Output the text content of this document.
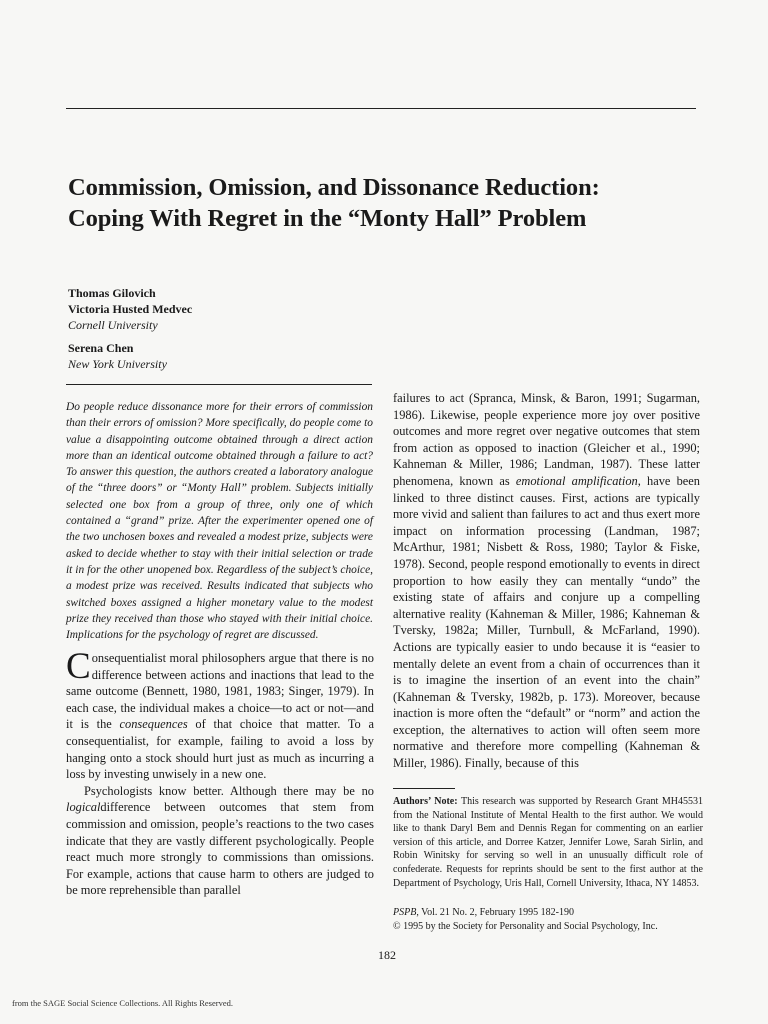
Commission, Omission, and Dissonance Reduction:
Coping With Regret in the “Monty Hall” Problem
Thomas Gilovich
Victoria Husted Medvec
Cornell University
Serena Chen
New York University

Do people reduce dissonance more for their errors of commission than their errors of omission? More specifically, do people come to value a disappointing outcome obtained through a direct action more than an identical outcome obtained through a failure to act? To answer this question, the authors created a laboratory analogue of the “three doors” or “Monty Hall” problem. Subjects initially selected one box from a group of three, only one of which contained a “grand” prize. After the experimenter opened one of the two unchosen boxes and revealed a modest prize, subjects were asked to decide whether to stay with their initial selection or trade it in for the other unopened box. Regardless of the subject’s choice, a modest prize was received. Results indicated that subjects who switched boxes assigned a higher monetary value to the modest prize they received than those who stayed with their initial choice. Implications for the psychology of regret are discussed.

Consequentialist moral philosophers argue that there is no difference between actions and inactions that lead to the same outcome (Bennett, 1980, 1981, 1983; Singer, 1979). In each case, the individual makes a choice—to act or not—and it is the consequences of that choice that matter. To a consequentialist, for example, failing to avoid a loss by hanging onto a stock should hurt just as much as incurring a loss by investing unwisely in a new one.

Psychologists know better. Although there may be no logicaldifference between outcomes that stem from commission and omission, people’s reactions to the two cases indicate that they are vastly different psychologically. People react much more strongly to commissions than omissions. For example, actions that cause harm to others are judged to be more reprehensible than parallel

failures to act (Spranca, Minsk, & Baron, 1991; Sugarman, 1986). Likewise, people experience more joy over positive outcomes and more regret over negative outcomes that stem from action as opposed to inaction (Gleicher et al., 1990; Kahneman & Miller, 1986; Landman, 1987). These latter phenomena, known as emotional amplification, have been linked to three distinct causes. First, actions are typically more vivid and salient than failures to act and thus exert more impact on information processing (Landman, 1987; McArthur, 1981; Nisbett & Ross, 1980; Taylor & Fiske, 1978). Second, people respond emotionally to events in direct proportion to how easily they can mentally “undo” the existing state of affairs and conjure up a compelling alternative reality (Kahneman & Miller, 1986; Kahneman & Tversky, 1982a; Miller, Turnbull, & McFarland, 1990). Actions are typically easier to undo because it is “easier to mentally delete an event from a chain of occurrences than it is to imagine the insertion of an event into the chain” (Kahneman & Tversky, 1982b, p. 173). Moreover, because inaction is more often the “default” or “norm” and action the exception, the alternatives to action will often seem more normative and therefore more compelling (Kahneman & Miller, 1986). Finally, because of this

Authors’ Note: This research was supported by Research Grant MH45531 from the National Institute of Mental Health to the first author. We would like to thank Daryl Bem and Dennis Regan for commenting on an earlier version of this article, and Dorree Katzer, Jennifer Lowe, Sarah Sirlin, and Robin Winitsky for serving so well in an unusually difficult role of confederate. Requests for reprints should be sent to the first author at the Department of Psychology, Uris Hall, Cornell University, Ithaca, NY 14853.

PSPB, Vol. 21 No. 2, February 1995 182-190
© 1995 by the Society for Personality and Social Psychology, Inc.
182
from the SAGE Social Science Collections. All Rights Reserved.
